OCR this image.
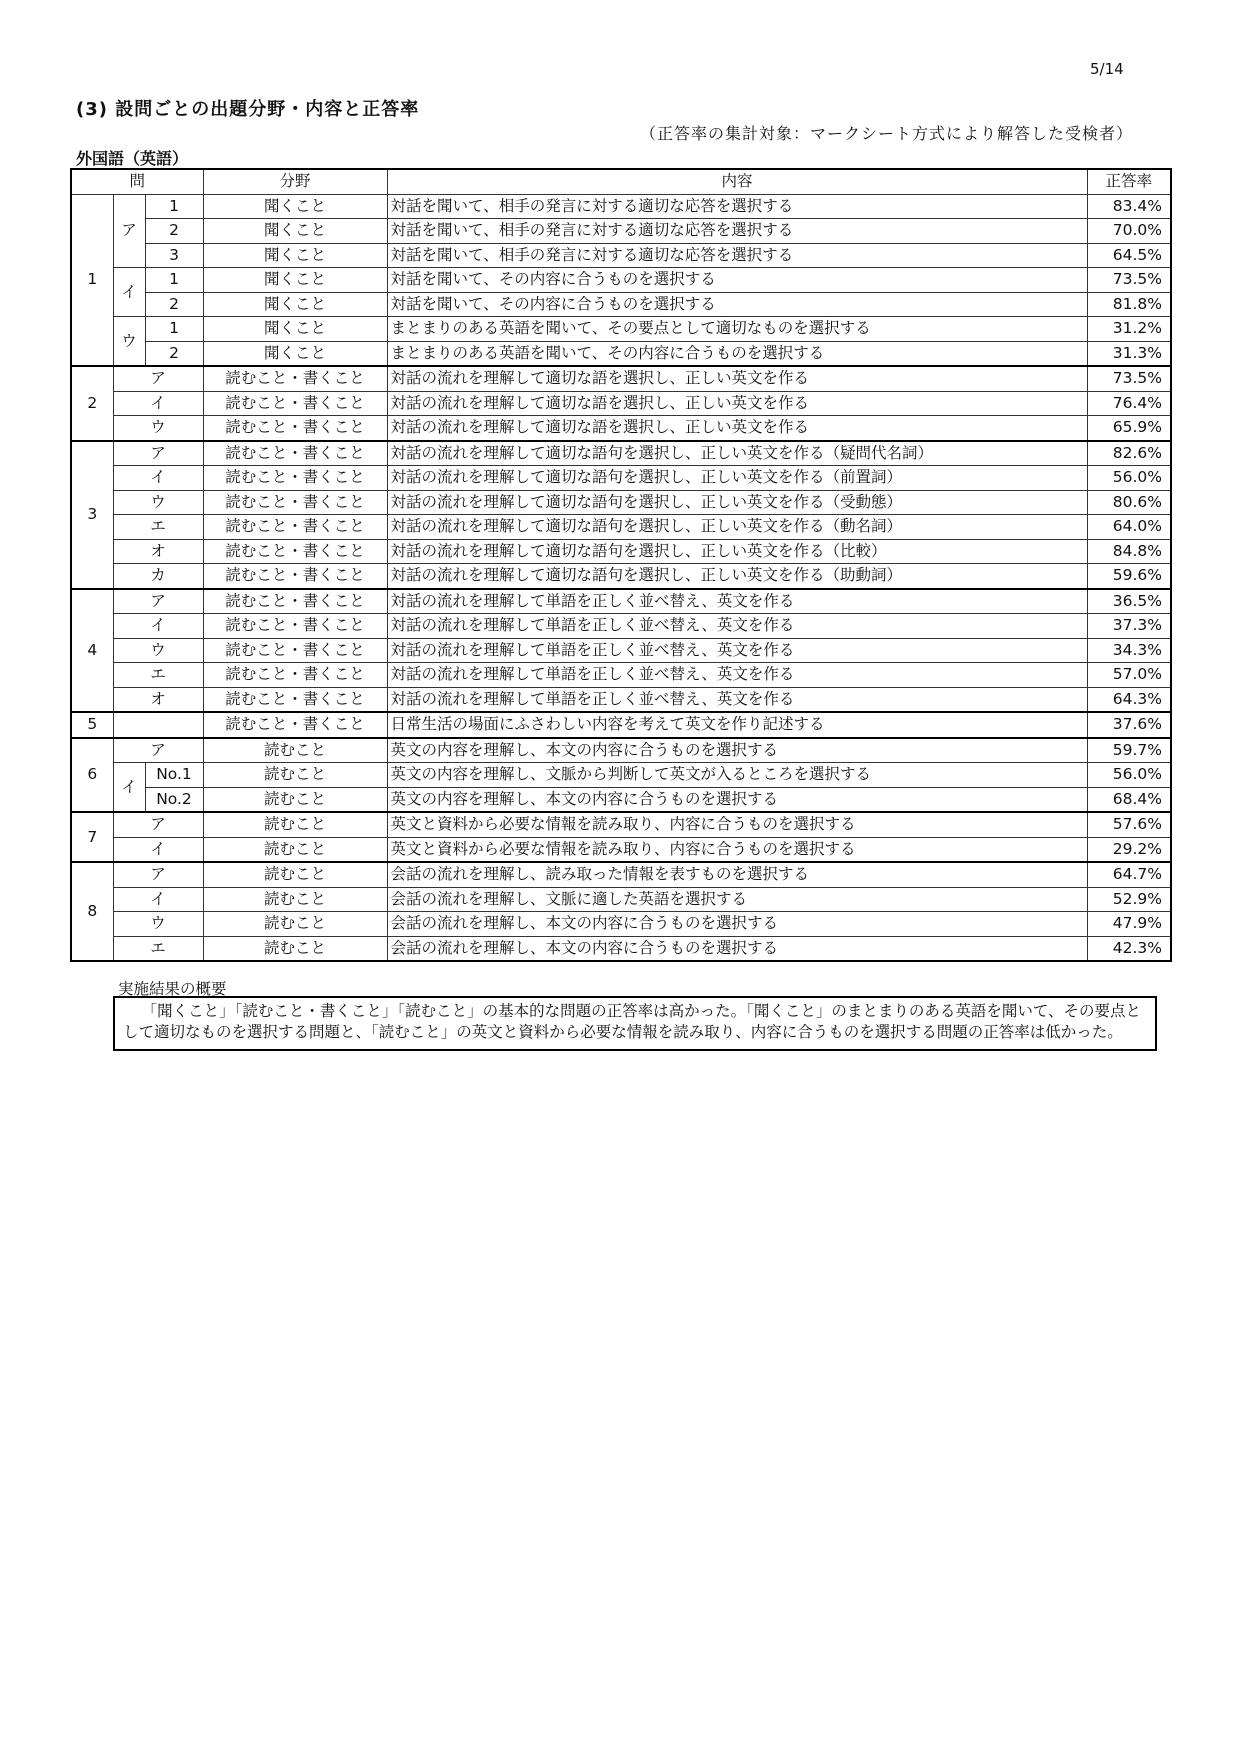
5/14
(3) 設問ごとの出題分野・内容と正答率
（正答率の集計対象：マークシート方式により解答した受検者）
外国語（英語）
問			分野	内容	正答率
1	ア	1	聞くこと	対話を聞いて、相手の発言に対する適切な応答を選択する	83.4%
		2	聞くこと	対話を聞いて、相手の発言に対する適切な応答を選択する	70.0%
		3	聞くこと	対話を聞いて、相手の発言に対する適切な応答を選択する	64.5%
	イ	1	聞くこと	対話を聞いて、その内容に合うものを選択する	73.5%
		2	聞くこと	対話を聞いて、その内容に合うものを選択する	81.8%
	ウ	1	聞くこと	まとまりのある英語を聞いて、その要点として適切なものを選択する	31.2%
		2	聞くこと	まとまりのある英語を聞いて、その内容に合うものを選択する	31.3%
2	ア		読むこと・書くこと	対話の流れを理解して適切な語を選択し、正しい英文を作る	73.5%
	イ		読むこと・書くこと	対話の流れを理解して適切な語を選択し、正しい英文を作る	76.4%
	ウ		読むこと・書くこと	対話の流れを理解して適切な語を選択し、正しい英文を作る	65.9%
3	ア		読むこと・書くこと	対話の流れを理解して適切な語句を選択し、正しい英文を作る（疑問代名詞）	82.6%
	イ		読むこと・書くこと	対話の流れを理解して適切な語句を選択し、正しい英文を作る（前置詞）	56.0%
	ウ		読むこと・書くこと	対話の流れを理解して適切な語句を選択し、正しい英文を作る（受動態）	80.6%
	エ		読むこと・書くこと	対話の流れを理解して適切な語句を選択し、正しい英文を作る（動名詞）	64.0%
	オ		読むこと・書くこと	対話の流れを理解して適切な語句を選択し、正しい英文を作る（比較）	84.8%
	カ		読むこと・書くこと	対話の流れを理解して適切な語句を選択し、正しい英文を作る（助動詞）	59.6%
4	ア		読むこと・書くこと	対話の流れを理解して単語を正しく並べ替え、英文を作る	36.5%
	イ		読むこと・書くこと	対話の流れを理解して単語を正しく並べ替え、英文を作る	37.3%
	ウ		読むこと・書くこと	対話の流れを理解して単語を正しく並べ替え、英文を作る	34.3%
	エ		読むこと・書くこと	対話の流れを理解して単語を正しく並べ替え、英文を作る	57.0%
	オ		読むこと・書くこと	対話の流れを理解して単語を正しく並べ替え、英文を作る	64.3%
5			読むこと・書くこと	日常生活の場面にふさわしい内容を考えて英文を作り記述する	37.6%
6	ア		読むこと	英文の内容を理解し、本文の内容に合うものを選択する	59.7%
	イ	No.1	読むこと	英文の内容を理解し、文脈から判断して英文が入るところを選択する	56.0%
		No.2	読むこと	英文の内容を理解し、本文の内容に合うものを選択する	68.4%
7	ア		読むこと	英文と資料から必要な情報を読み取り、内容に合うものを選択する	57.6%
	イ		読むこと	英文と資料から必要な情報を読み取り、内容に合うものを選択する	29.2%
8	ア		読むこと	会話の流れを理解し、読み取った情報を表すものを選択する	64.7%
	イ		読むこと	会話の流れを理解し、文脈に適した英語を選択する	52.9%
	ウ		読むこと	会話の流れを理解し、本文の内容に合うものを選択する	47.9%
	エ		読むこと	会話の流れを理解し、本文の内容に合うものを選択する	42.3%
実施結果の概要

「聞くこと」「読むこと・書くこと」「読むこと」の基本的な問題の正答率は高かった。「聞くこと」のまとまりのある英語を聞いて、その要点として適切なものを選択する問題と、「読むこと」の英文と資料から必要な情報を読み取り、内容に合うものを選択する問題の正答率は低かった。
